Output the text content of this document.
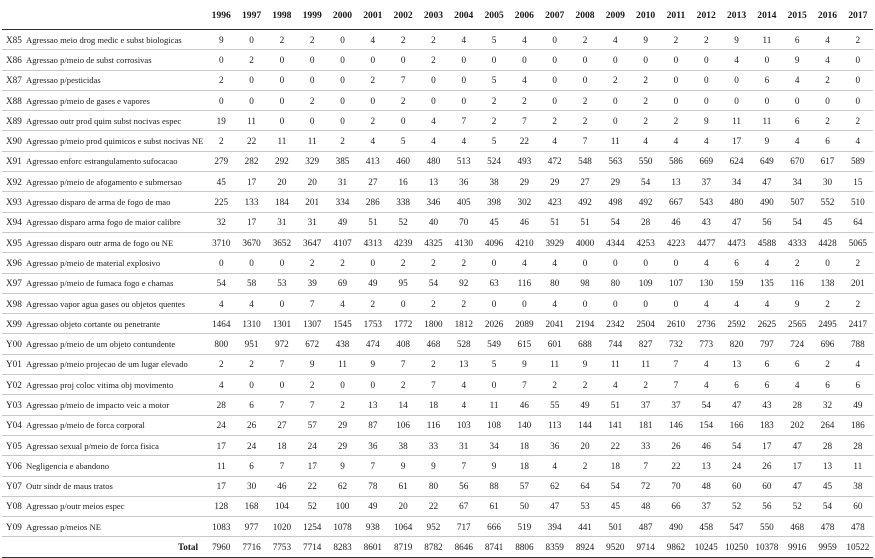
		1996	1997	1998	1999	2000	2001	2002	2003	2004	2005	2006	2007	2008	2009	2010	2011	2012	2013	2014	2015	2016	2017
X85	Agressao meio drog medic e subst biologicas	9	0	2	2	0	4	2	2	4	5	4	0	2	4	9	2	2	9	11	6	4	2
X86	Agressao p/meio de subst corrosivas	0	2	0	0	0	0	0	2	0	0	0	0	0	0	0	0	0	4	0	9	4	0
X87	Agressao p/pesticidas	2	0	0	0	0	2	7	0	0	5	4	0	0	2	2	0	0	0	6	4	2	0
X88	Agressao p/meio de gases e vapores	0	0	0	2	0	0	2	0	0	2	2	0	2	0	2	0	0	0	0	0	0	0
X89	Agressao outr prod quim subst nocivas espec	19	11	0	0	0	2	0	4	7	2	7	2	2	0	2	2	9	11	11	6	2	2
X90	Agressao p/meio prod quimicos e subst nocivas NE	2	22	11	11	2	4	5	4	4	5	22	4	7	11	4	4	4	17	9	4	6	4
X91	Agressao enforc estrangulamento sufocacao	279	282	292	329	385	413	460	480	513	524	493	472	548	563	550	586	669	624	649	670	617	589
X92	Agressao p/meio de afogamento e submersao	45	17	20	20	31	27	16	13	36	38	29	29	27	29	54	13	37	34	47	34	30	15
X93	Agressao disparo de arma de fogo de mao	225	133	184	201	334	286	338	346	405	398	302	423	492	498	492	667	543	480	490	507	552	510
X94	Agressao disparo arma fogo de maior calibre	32	17	31	31	49	51	52	40	70	45	46	51	51	54	28	46	43	47	56	54	45	64
X95	Agressao disparo outr arma de fogo ou NE	3710	3670	3652	3647	4107	4313	4239	4325	4130	4096	4210	3929	4000	4344	4253	4223	4477	4473	4588	4333	4428	5065
X96	Agressao p/meio de material explosivo	0	0	0	2	2	0	2	2	2	0	4	4	0	0	0	0	4	6	4	2	0	2
X97	Agressao p/meio de fumaca fogo e chamas	54	58	53	39	69	49	95	54	92	63	116	80	98	80	109	107	130	159	135	116	138	201
X98	Agressao vapor agua gases ou objetos quentes	4	4	0	7	4	2	0	2	2	0	0	4	0	0	0	0	4	4	4	9	2	2
X99	Agressao objeto cortante ou penetrante	1464	1310	1301	1307	1545	1753	1772	1800	1812	2026	2089	2041	2194	2342	2504	2610	2736	2592	2625	2565	2495	2417
Y00	Agressao p/meio de um objeto contundente	800	951	972	672	438	474	408	468	528	549	615	601	688	744	827	732	773	820	797	724	696	788
Y01	Agressao p/meio projecao de um lugar elevado	2	2	7	9	11	9	7	2	13	5	9	11	9	11	11	7	4	13	6	6	2	4
Y02	Agressao proj coloc vitima obj movimento	4	0	0	2	0	0	2	7	4	0	7	2	2	4	2	7	4	6	6	4	6	6
Y03	Agressao p/meio de impacto veic a motor	28	6	7	7	2	13	14	18	4	11	46	55	49	51	37	37	54	47	43	28	32	49
Y04	Agressao p/meio de forca corporal	24	26	27	57	29	87	106	116	103	108	140	113	144	141	181	146	154	166	183	202	264	186
Y05	Agressao sexual p/meio de forca fisica	17	24	18	24	29	36	38	33	31	34	18	36	20	22	33	26	46	54	17	47	28	28
Y06	Negligencia e abandono	11	6	7	17	9	7	9	9	7	9	18	4	2	18	7	22	13	24	26	17	13	11
Y07	Outr sindr de maus tratos	17	30	46	22	62	78	61	80	56	88	57	62	64	54	72	70	48	60	60	47	45	38
Y08	Agressao p/outr meios espec	128	168	104	52	100	49	20	22	67	61	50	47	53	45	48	66	37	52	56	52	54	60
Y09	Agressao p/meios NE	1083	977	1020	1254	1078	938	1064	952	717	666	519	394	441	501	487	490	458	547	550	468	478	478
Total		7960	7716	7753	7714	8283	8601	8719	8782	8646	8741	8806	8359	8924	9520	9714	9862	10245	10250	10378	9916	9959	10522
